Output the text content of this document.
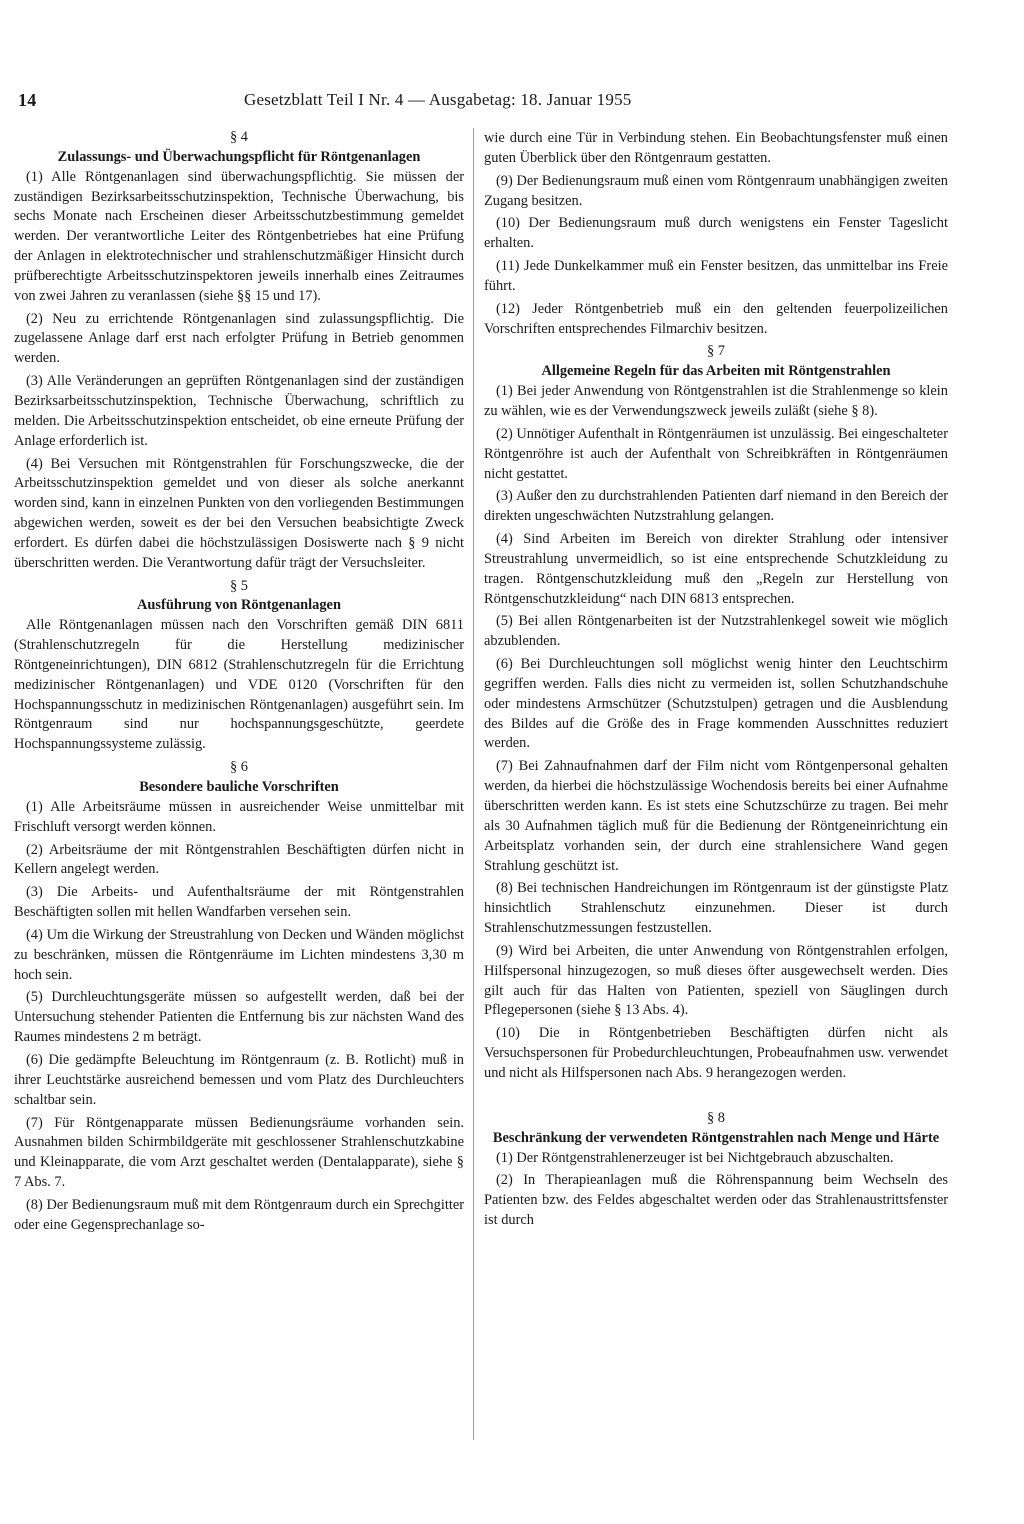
14	Gesetzblatt Teil I Nr. 4 — Ausgabetag: 18. Januar 1955

§ 4

Zulassungs- und Überwachungspflicht für Röntgenanlagen

(1) Alle Röntgenanlagen sind überwachungspflichtig. Sie müssen der zuständigen Bezirksarbeitsschutzinspektion, Technische Überwachung, bis sechs Monate nach Erscheinen dieser Arbeitsschutzbestimmung gemeldet werden. Der verantwortliche Leiter des Röntgenbetriebes hat eine Prüfung der Anlagen in elektrotechnischer und strahlenschutzmäßiger Hinsicht durch prüfberechtigte Arbeitsschutzinspektoren jeweils innerhalb eines Zeitraumes von zwei Jahren zu veranlassen (siehe §§ 15 und 17).

(2) Neu zu errichtende Röntgenanlagen sind zulassungspflichtig. Die zugelassene Anlage darf erst nach erfolgter Prüfung in Betrieb genommen werden.

(3) Alle Veränderungen an geprüften Röntgenanlagen sind der zuständigen Bezirksarbeitsschutzinspektion, Technische Überwachung, schriftlich zu melden. Die Arbeitsschutzinspektion entscheidet, ob eine erneute Prüfung der Anlage erforderlich ist.

(4) Bei Versuchen mit Röntgenstrahlen für Forschungszwecke, die der Arbeitsschutzinspektion gemeldet und von dieser als solche anerkannt worden sind, kann in einzelnen Punkten von den vorliegenden Bestimmungen abgewichen werden, soweit es der bei den Versuchen beabsichtigte Zweck erfordert. Es dürfen dabei die höchstzulässigen Dosiswerte nach § 9 nicht überschritten werden. Die Verantwortung dafür trägt der Versuchsleiter.

§ 5

Ausführung von Röntgenanlagen

Alle Röntgenanlagen müssen nach den Vorschriften gemäß DIN 6811 (Strahlenschutzregeln für die Herstellung medizinischer Röntgeneinrichtungen), DIN 6812 (Strahlenschutzregeln für die Errichtung medizinischer Röntgenanlagen) und VDE 0120 (Vorschriften für den Hochspannungsschutz in medizinischen Röntgenanlagen) ausgeführt sein. Im Röntgenraum sind nur hochspannungsgeschützte, geerdete Hochspannungssysteme zulässig.

§ 6

Besondere bauliche Vorschriften

(1) Alle Arbeitsräume müssen in ausreichender Weise unmittelbar mit Frischluft versorgt werden können.

(2) Arbeitsräume der mit Röntgenstrahlen Beschäftigten dürfen nicht in Kellern angelegt werden.

(3) Die Arbeits- und Aufenthaltsräume der mit Röntgenstrahlen Beschäftigten sollen mit hellen Wandfarben versehen sein.

(4) Um die Wirkung der Streustrahlung von Decken und Wänden möglichst zu beschränken, müssen die Röntgenräume im Lichten mindestens 3,30 m hoch sein.

(5) Durchleuchtungsgeräte müssen so aufgestellt werden, daß bei der Untersuchung stehender Patienten die Entfernung bis zur nächsten Wand des Raumes mindestens 2 m beträgt.

(6) Die gedämpfte Beleuchtung im Röntgenraum (z. B. Rotlicht) muß in ihrer Leuchtstärke ausreichend bemessen und vom Platz des Durchleuchters schaltbar sein.

(7) Für Röntgenapparate müssen Bedienungsräume vorhanden sein. Ausnahmen bilden Schirmbildgeräte mit geschlossener Strahlenschutzkabine und Kleinapparate, die vom Arzt geschaltet werden (Dentalapparate), siehe § 7 Abs. 7.

(8) Der Bedienungsraum muß mit dem Röntgenraum durch ein Sprechgitter oder eine Gegensprechanlage so-

wie durch eine Tür in Verbindung stehen. Ein Beobachtungsfenster muß einen guten Überblick über den Röntgenraum gestatten.

(9) Der Bedienungsraum muß einen vom Röntgenraum unabhängigen zweiten Zugang besitzen.

(10) Der Bedienungsraum muß durch wenigstens ein Fenster Tageslicht erhalten.

(11) Jede Dunkelkammer muß ein Fenster besitzen, das unmittelbar ins Freie führt.

(12) Jeder Röntgenbetrieb muß ein den geltenden feuerpolizeilichen Vorschriften entsprechendes Filmarchiv besitzen.

§ 7

Allgemeine Regeln für das Arbeiten mit Röntgenstrahlen

(1) Bei jeder Anwendung von Röntgenstrahlen ist die Strahlenmenge so klein zu wählen, wie es der Verwendungszweck jeweils zuläßt (siehe § 8).

(2) Unnötiger Aufenthalt in Röntgenräumen ist unzulässig. Bei eingeschalteter Röntgenröhre ist auch der Aufenthalt von Schreibkräften in Röntgenräumen nicht gestattet.

(3) Außer den zu durchstrahlenden Patienten darf niemand in den Bereich der direkten ungeschwächten Nutzstrahlung gelangen.

(4) Sind Arbeiten im Bereich von direkter Strahlung oder intensiver Streustrahlung unvermeidlich, so ist eine entsprechende Schutzkleidung zu tragen. Röntgenschutzkleidung muß den „Regeln zur Herstellung von Röntgenschutzkleidung“ nach DIN 6813 entsprechen.

(5) Bei allen Röntgenarbeiten ist der Nutzstrahlenkegel soweit wie möglich abzublenden.

(6) Bei Durchleuchtungen soll möglichst wenig hinter den Leuchtschirm gegriffen werden. Falls dies nicht zu vermeiden ist, sollen Schutzhandschuhe oder mindestens Armschützer (Schutzstulpen) getragen und die Ausblendung des Bildes auf die Größe des in Frage kommenden Ausschnittes reduziert werden.

(7) Bei Zahnaufnahmen darf der Film nicht vom Röntgenpersonal gehalten werden, da hierbei die höchstzulässige Wochendosis bereits bei einer Aufnahme überschritten werden kann. Es ist stets eine Schutzschürze zu tragen. Bei mehr als 30 Aufnahmen täglich muß für die Bedienung der Röntgeneinrichtung ein Arbeitsplatz vorhanden sein, der durch eine strahlensichere Wand gegen Strahlung geschützt ist.

(8) Bei technischen Handreichungen im Röntgenraum ist der günstigste Platz hinsichtlich Strahlenschutz einzunehmen. Dieser ist durch Strahlenschutzmessungen festzustellen.

(9) Wird bei Arbeiten, die unter Anwendung von Röntgenstrahlen erfolgen, Hilfspersonal hinzugezogen, so muß dieses öfter ausgewechselt werden. Dies gilt auch für das Halten von Patienten, speziell von Säuglingen durch Pflegepersonen (siehe § 13 Abs. 4).

(10) Die in Röntgenbetrieben Beschäftigten dürfen nicht als Versuchspersonen für Probedurchleuchtungen, Probeaufnahmen usw. verwendet und nicht als Hilfspersonen nach Abs. 9 herangezogen werden.

§ 8

Beschränkung der verwendeten Röntgenstrahlen nach Menge und Härte

(1) Der Röntgenstrahlenerzeuger ist bei Nichtgebrauch abzuschalten.

(2) In Therapieanlagen muß die Röhrenspannung beim Wechseln des Patienten bzw. des Feldes abgeschaltet werden oder das Strahlenaustrittsfenster ist durch
